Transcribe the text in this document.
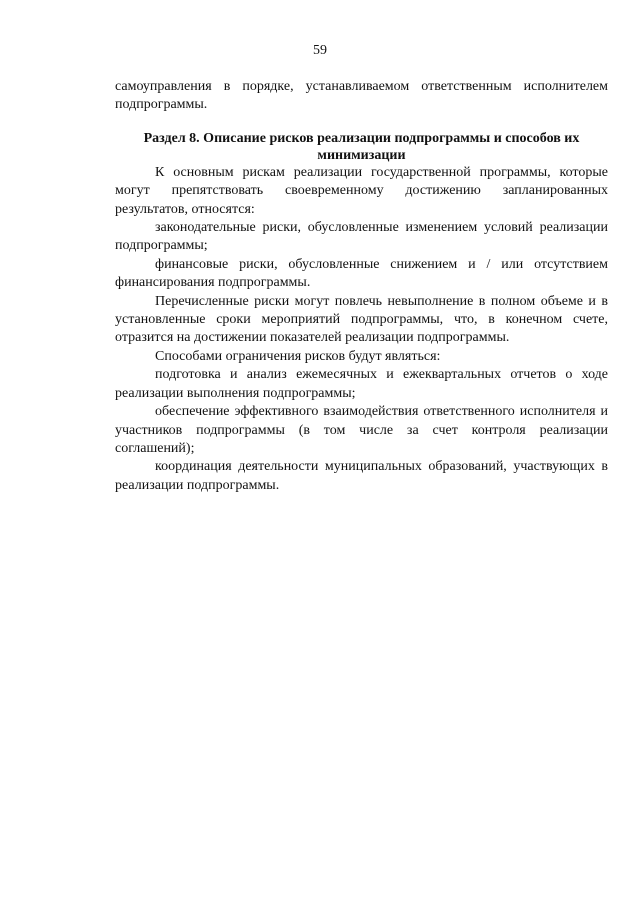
59

самоуправления в порядке, устанавливаемом ответственным исполнителем подпрограммы.

Раздел 8. Описание рисков реализации подпрограммы и способов их минимизации

К основным рискам реализации государственной программы, которые могут препятствовать своевременному достижению запланированных результатов, относятся:

законодательные риски, обусловленные изменением условий реализации подпрограммы;

финансовые риски, обусловленные снижением и / или отсутствием финансирования подпрограммы.

Перечисленные риски могут повлечь невыполнение в полном объеме и в установленные сроки мероприятий подпрограммы, что, в конечном счете, отразится на достижении показателей реализации подпрограммы.

Способами ограничения рисков будут являться:

подготовка и анализ ежемесячных и ежеквартальных отчетов о ходе реализации выполнения подпрограммы;

обеспечение эффективного взаимодействия ответственного исполнителя и участников подпрограммы (в том числе за счет контроля реализации соглашений);

координация деятельности муниципальных образований, участвующих в реализации подпрограммы.
